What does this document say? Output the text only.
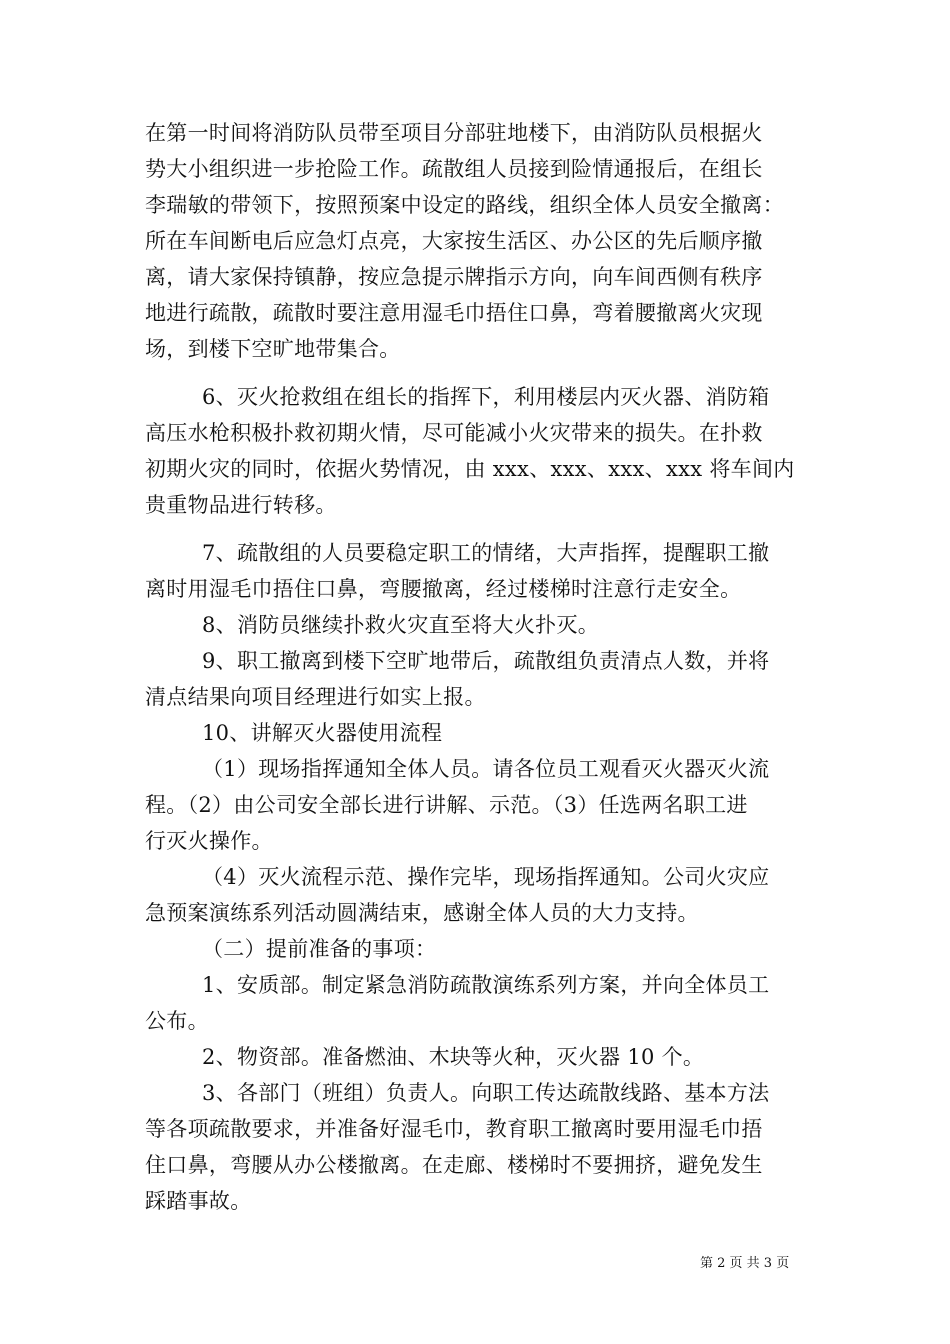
在第一时间将消防队员带至项目分部驻地楼下，由消防队员根据火
势大小组织进一步抢险工作。疏散组人员接到险情通报后，在组长
李瑞敏的带领下，按照预案中设定的路线，组织全体人员安全撤离：
所在车间断电后应急灯点亮，大家按生活区、办公区的先后顺序撤
离，请大家保持镇静，按应急提示牌指示方向，向车间西侧有秩序
地进行疏散，疏散时要注意用湿毛巾捂住口鼻，弯着腰撤离火灾现
场，到楼下空旷地带集合。
6、灭火抢救组在组长的指挥下，利用楼层内灭火器、消防箱
高压水枪积极扑救初期火情，尽可能减小火灾带来的损失。在扑救
初期火灾的同时，依据火势情况，由 xxx、xxx、xxx、xxx 将车间内
贵重物品进行转移。
7、疏散组的人员要稳定职工的情绪，大声指挥，提醒职工撤
离时用湿毛巾捂住口鼻，弯腰撤离，经过楼梯时注意行走安全。
8、消防员继续扑救火灾直至将大火扑灭。
9、职工撤离到楼下空旷地带后，疏散组负责清点人数，并将
清点结果向项目经理进行如实上报。
10、讲解灭火器使用流程
（1）现场指挥通知全体人员。请各位员工观看灭火器灭火流
程。（2）由公司安全部长进行讲解、示范。（3）任选两名职工进
行灭火操作。
（4）灭火流程示范、操作完毕，现场指挥通知。公司火灾应
急预案演练系列活动圆满结束，感谢全体人员的大力支持。
（二）提前准备的事项：
1、安质部。制定紧急消防疏散演练系列方案，并向全体员工
公布。
2、物资部。准备燃油、木块等火种，灭火器 10 个。
3、各部门（班组）负责人。向职工传达疏散线路、基本方法
等各项疏散要求，并准备好湿毛巾，教育职工撤离时要用湿毛巾捂
住口鼻，弯腰从办公楼撤离。在走廊、楼梯时不要拥挤，避免发生
踩踏事故。
第 2 页 共 3 页
